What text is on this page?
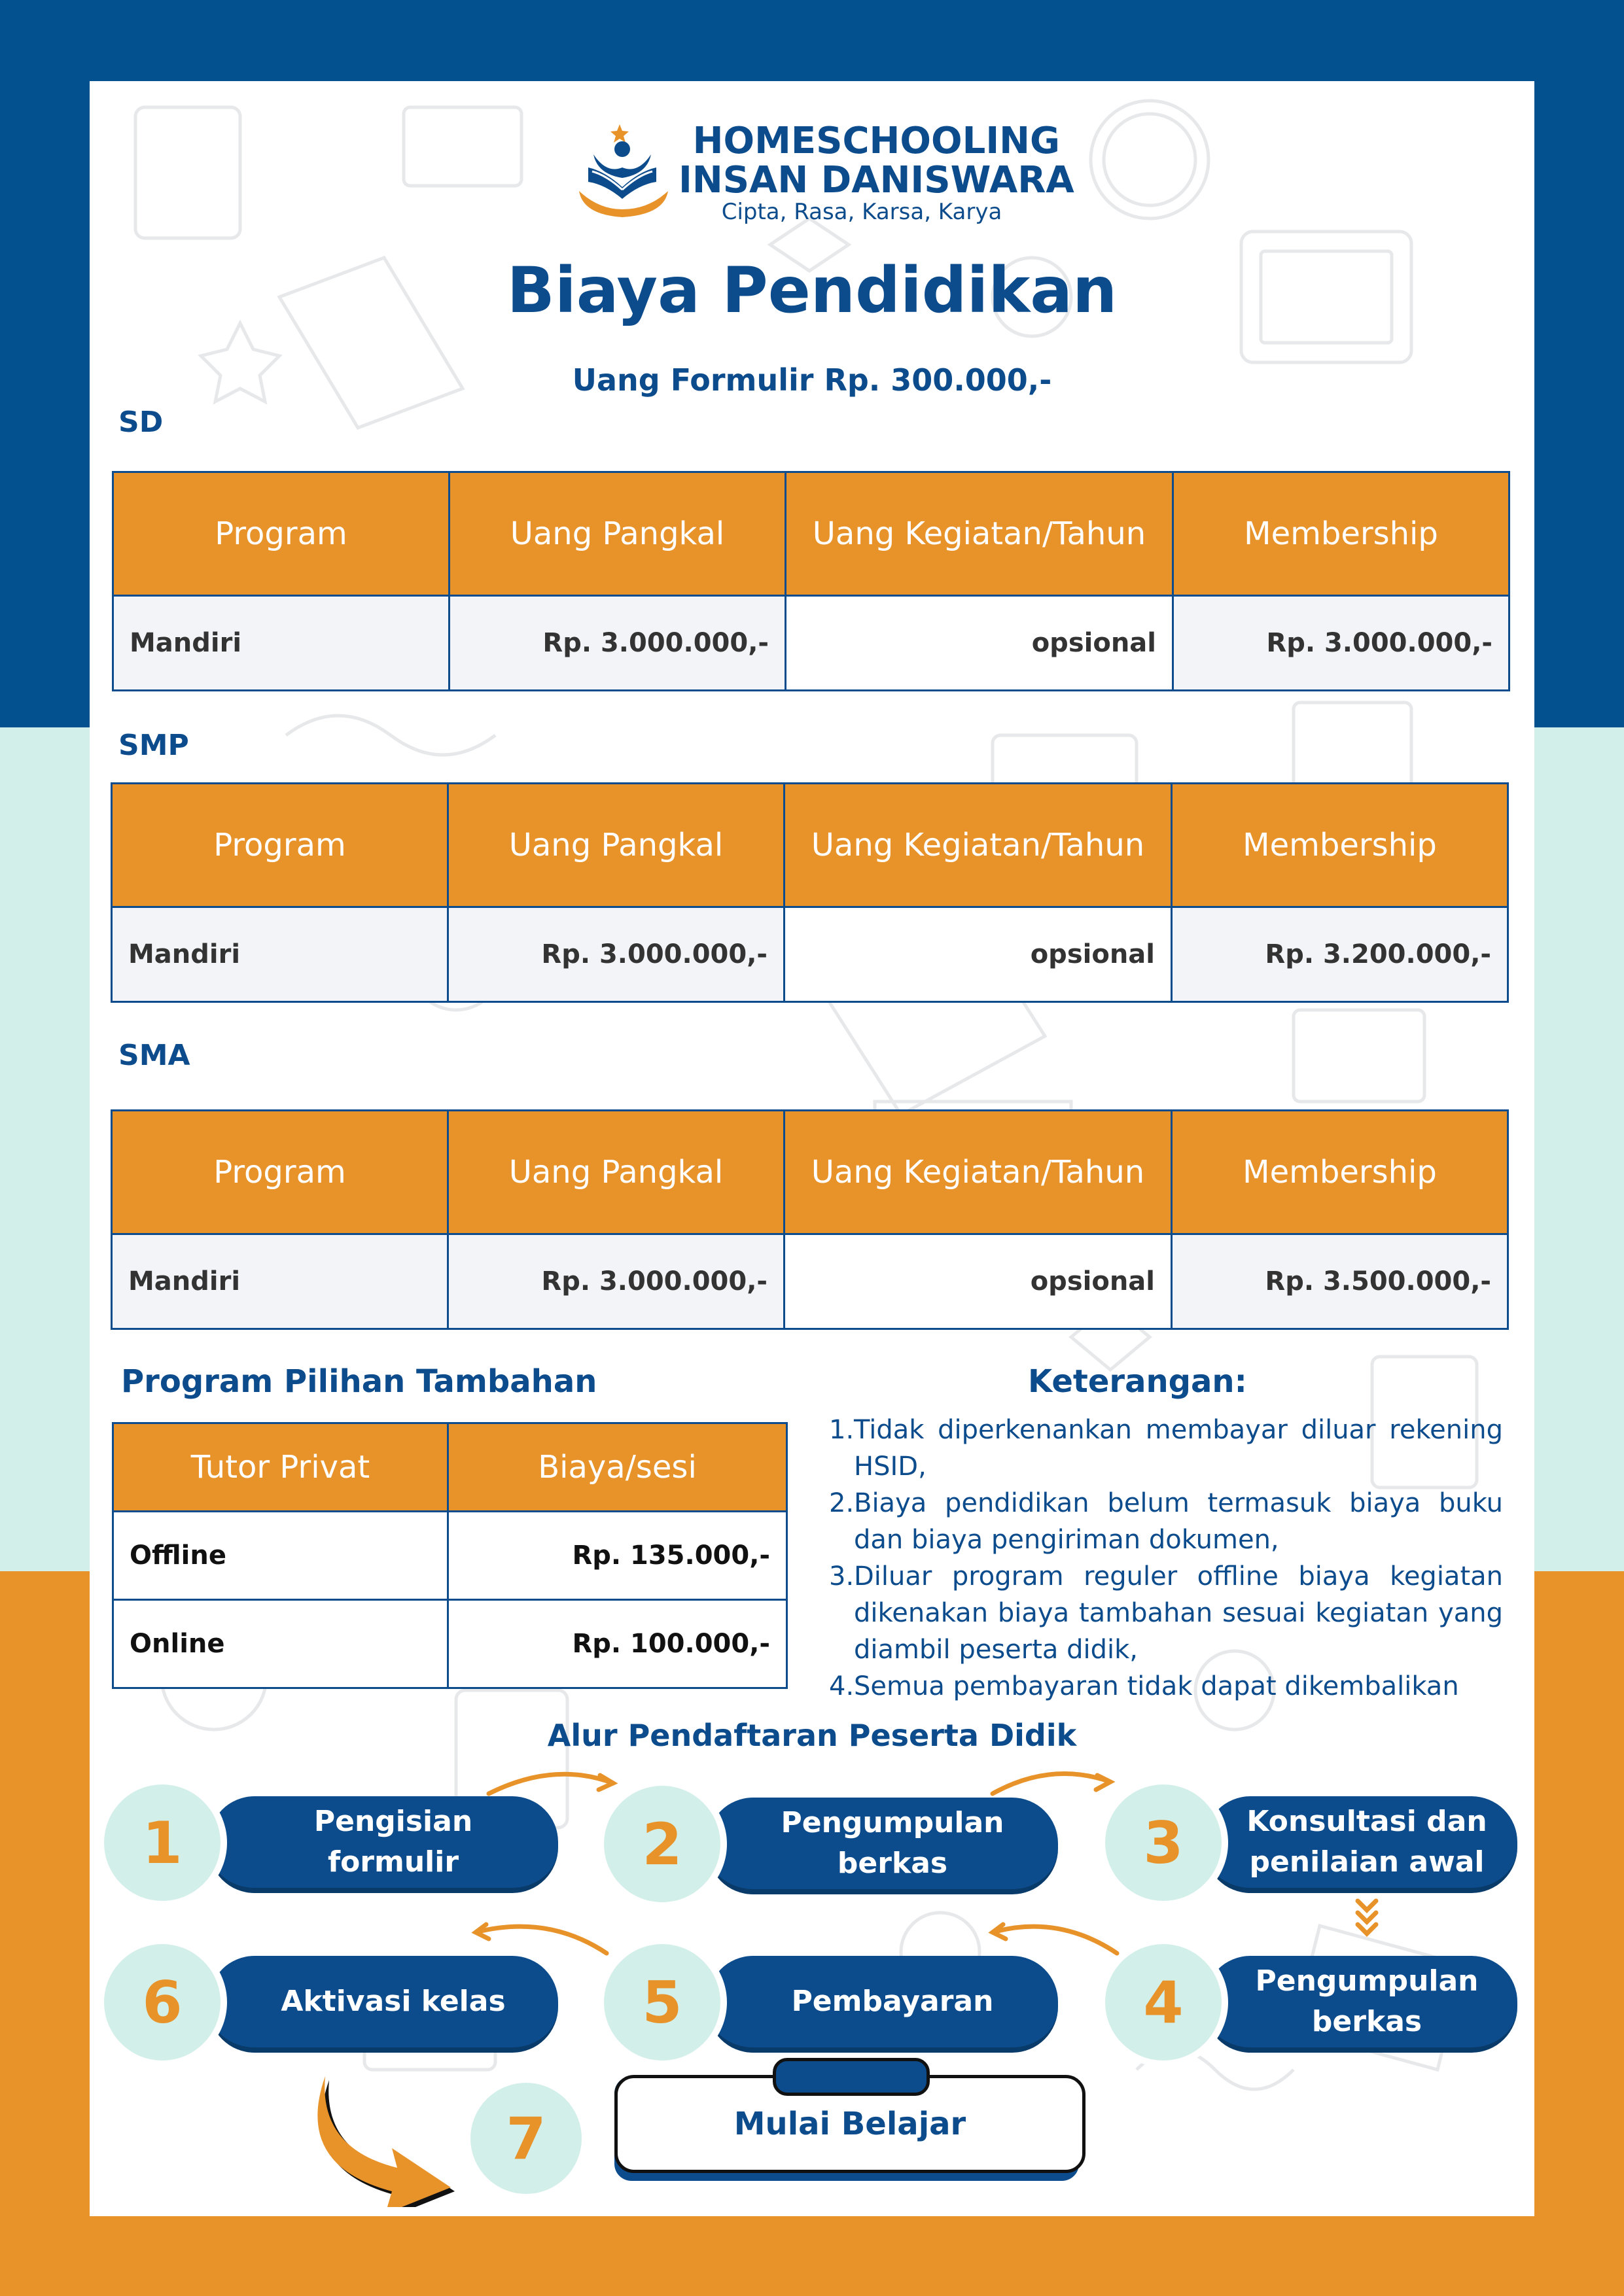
HOMESCHOOLING
INSAN DANISWARA
Cipta, Rasa, Karsa, Karya
Biaya Pendidikan
Uang Formulir Rp. 300.000,-
SD
Program	Uang Pangkal	Uang Kegiatan/Tahun	Membership
Mandiri	Rp. 3.000.000,-	opsional	Rp. 3.000.000,-
SMP
Program	Uang Pangkal	Uang Kegiatan/Tahun	Membership
Mandiri	Rp. 3.000.000,-	opsional	Rp. 3.200.000,-
SMA
Program	Uang Pangkal	Uang Kegiatan/Tahun	Membership
Mandiri	Rp. 3.000.000,-	opsional	Rp. 3.500.000,-
Program Pilihan Tambahan
Tutor Privat	Biaya/sesi
Offline	Rp. 135.000,-
Online	Rp. 100.000,-
Keterangan:
1. Tidak diperkenankan membayar diluar rekening HSID,
2. Biaya pendidikan belum termasuk biaya buku dan biaya pengiriman dokumen,
3. Diluar program reguler offline biaya kegiatan dikenakan biaya tambahan sesuai kegiatan yang diambil peserta didik,
4. Semua pembayaran tidak dapat dikembalikan
Alur Pendaftaran Peserta Didik
Pengisian formulir
1	Pengumpulan berkas
2	Konsultasi dan penilaian awal
3
Pengumpulan berkas
4
Pembayaran
5
Aktivasi kelas
6
7	Mulai Belajar
